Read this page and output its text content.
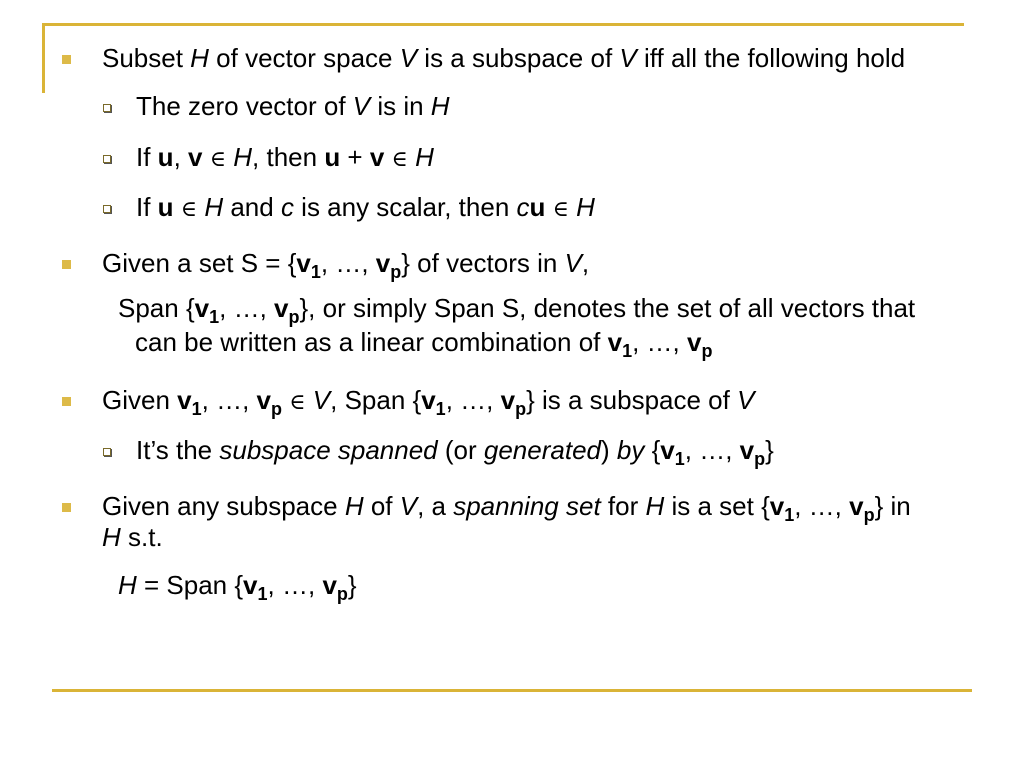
Subset H of vector space V is a subspace of V iff all the following hold
The zero vector of V is in H
If u, v ∈ H, then u + v ∈ H
If u ∈ H and c is any scalar, then cu ∈ H
Given a set $S = \{v_1$, …, $v_p$} of vectors in V,
Span {$v_1$, …, $v_p$}, or simply Span S, denotes the set of all vectors that
can be written as a linear combination of $v_1$, …, $v_p$
Given $v_1$, …, $v_p$ ∈ V, Span {$v_1$, …, $v_p$} is a subspace of V
It’s the subspace spanned (or generated) by {$v_1$, …, $v_p$}
Given any subspace H of V, a spanning set for H is a set {$v_1$, …, $v_p$} in
H s.t.
H = Span {$v_1$, …, $v_p$}
